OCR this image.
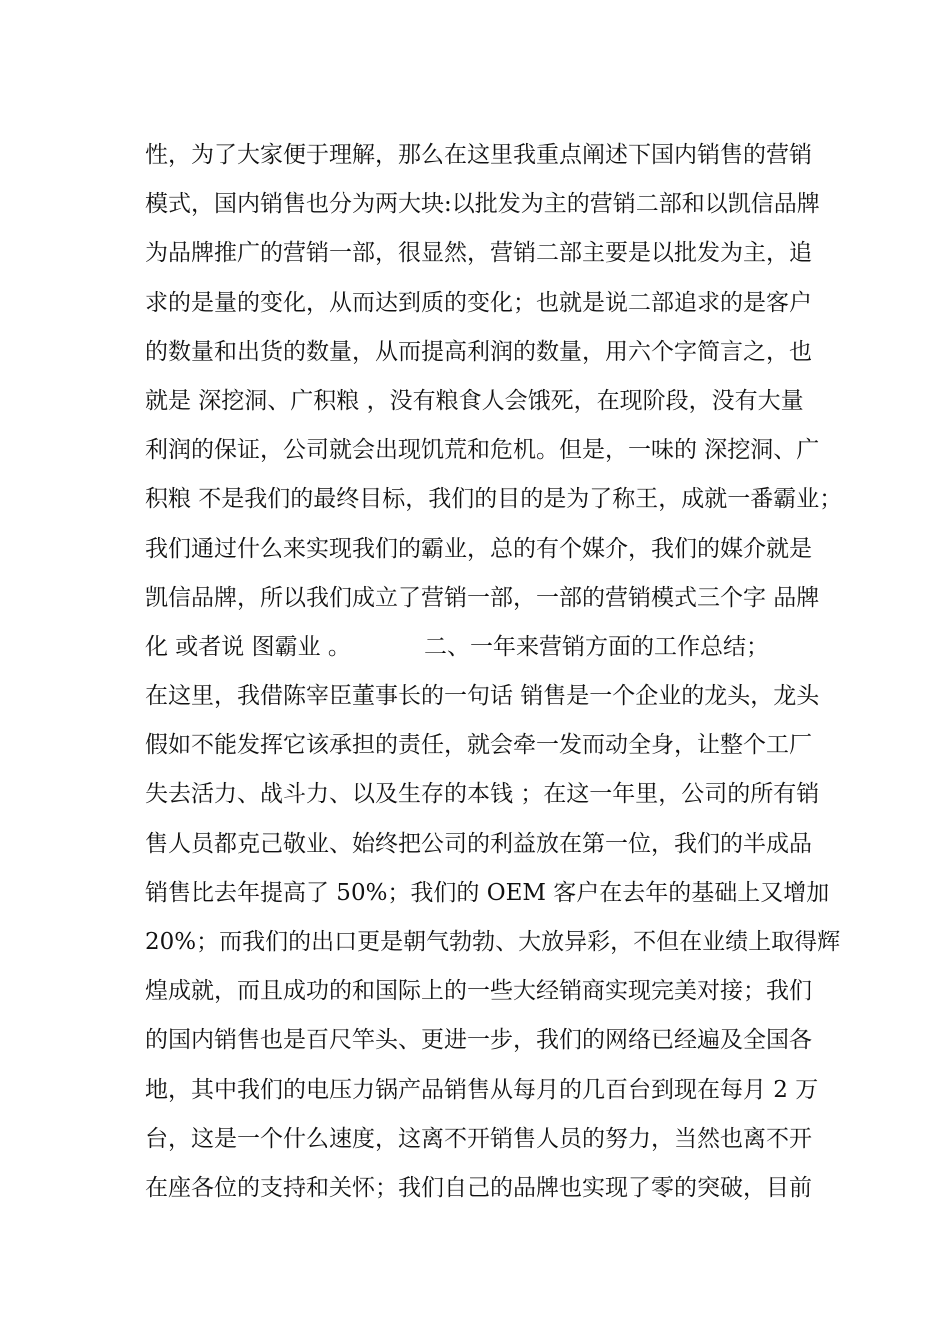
性，为了大家便于理解，那么在这里我重点阐述下国内销售的营销
模式，国内销售也分为两大块:以批发为主的营销二部和以凯信品牌
为品牌推广的营销一部，很显然，营销二部主要是以批发为主，追
求的是量的变化，从而达到质的变化；也就是说二部追求的是客户
的数量和出货的数量，从而提高利润的数量，用六个字简言之，也
就是 深挖洞、广积粮 ，没有粮食人会饿死，在现阶段，没有大量
利润的保证，公司就会出现饥荒和危机。但是，一味的 深挖洞、广
积粮 不是我们的最终目标，我们的目的是为了称王，成就一番霸业；
我们通过什么来实现我们的霸业，总的有个媒介，我们的媒介就是
凯信品牌，所以我们成立了营销一部，一部的营销模式三个字 品牌
化 或者说 图霸业 。          二、一年来营销方面的工作总结；
在这里，我借陈宰臣董事长的一句话 销售是一个企业的龙头，龙头
假如不能发挥它该承担的责任，就会牵一发而动全身，让整个工厂
失去活力、战斗力、以及生存的本钱 ；在这一年里，公司的所有销
售人员都克己敬业、始终把公司的利益放在第一位，我们的半成品
销售比去年提高了 50%；我们的 OEM 客户在去年的基础上又增加
20%；而我们的出口更是朝气勃勃、大放异彩，不但在业绩上取得辉
煌成就，而且成功的和国际上的一些大经销商实现完美对接；我们
的国内销售也是百尺竿头、更进一步，我们的网络已经遍及全国各
地，其中我们的电压力锅产品销售从每月的几百台到现在每月 2 万
台，这是一个什么速度，这离不开销售人员的努力，当然也离不开
在座各位的支持和关怀；我们自己的品牌也实现了零的突破，目前
